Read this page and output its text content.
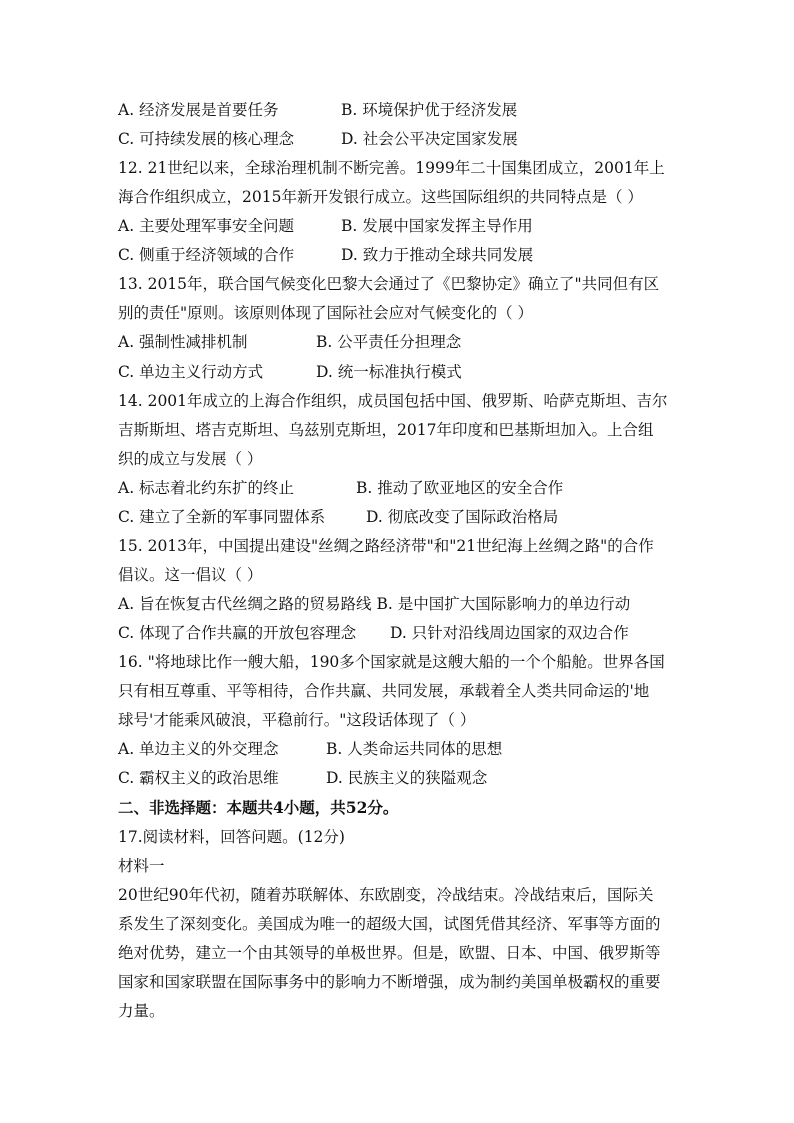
A. 经济发展是首要任务	B. 环境保护优于经济发展
C. 可持续发展的核心理念	D. 社会公平决定国家发展
12. 21世纪以来，全球治理机制不断完善。1999年二十国集团成立，2001年上
海合作组织成立，2015年新开发银行成立。这些国际组织的共同特点是（ ）
A. 主要处理军事安全问题	B. 发展中国家发挥主导作用
C. 侧重于经济领域的合作	D. 致力于推动全球共同发展
13. 2015年，联合国气候变化巴黎大会通过了《巴黎协定》确立了"共同但有区
别的责任"原则。该原则体现了国际社会应对气候变化的（ ）
A. 强制性减排机制	B. 公平责任分担理念
C. 单边主义行动方式	D. 统一标准执行模式
14. 2001年成立的上海合作组织，成员国包括中国、俄罗斯、哈萨克斯坦、吉尔
吉斯斯坦、塔吉克斯坦、乌兹别克斯坦，2017年印度和巴基斯坦加入。上合组
织的成立与发展（ ）
A. 标志着北约东扩的终止	B. 推动了欧亚地区的安全合作
C. 建立了全新的军事同盟体系	D. 彻底改变了国际政治格局
15. 2013年，中国提出建设"丝绸之路经济带"和"21世纪海上丝绸之路"的合作
倡议。这一倡议（ ）
A. 旨在恢复古代丝绸之路的贸易路线 B. 是中国扩大国际影响力的单边行动
C. 体现了合作共赢的开放包容理念 D. 只针对沿线周边国家的双边合作
16. "将地球比作一艘大船，190多个国家就是这艘大船的一个个船舱。世界各国
只有相互尊重、平等相待，合作共赢、共同发展，承载着全人类共同命运的'地
球号'才能乘风破浪，平稳前行。"这段话体现了（ ）
A. 单边主义的外交理念	B. 人类命运共同体的思想
C. 霸权主义的政治思维	D. 民族主义的狭隘观念
二、非选择题：本题共4小题，共52分。
17.阅读材料，回答问题。(12分)
材料一
20世纪90年代初，随着苏联解体、东欧剧变，冷战结束。冷战结束后，国际关
系发生了深刻变化。美国成为唯一的超级大国，试图凭借其经济、军事等方面的
绝对优势，建立一个由其领导的单极世界。但是，欧盟、日本、中国、俄罗斯等
国家和国家联盟在国际事务中的影响力不断增强，成为制约美国单极霸权的重要
力量。
